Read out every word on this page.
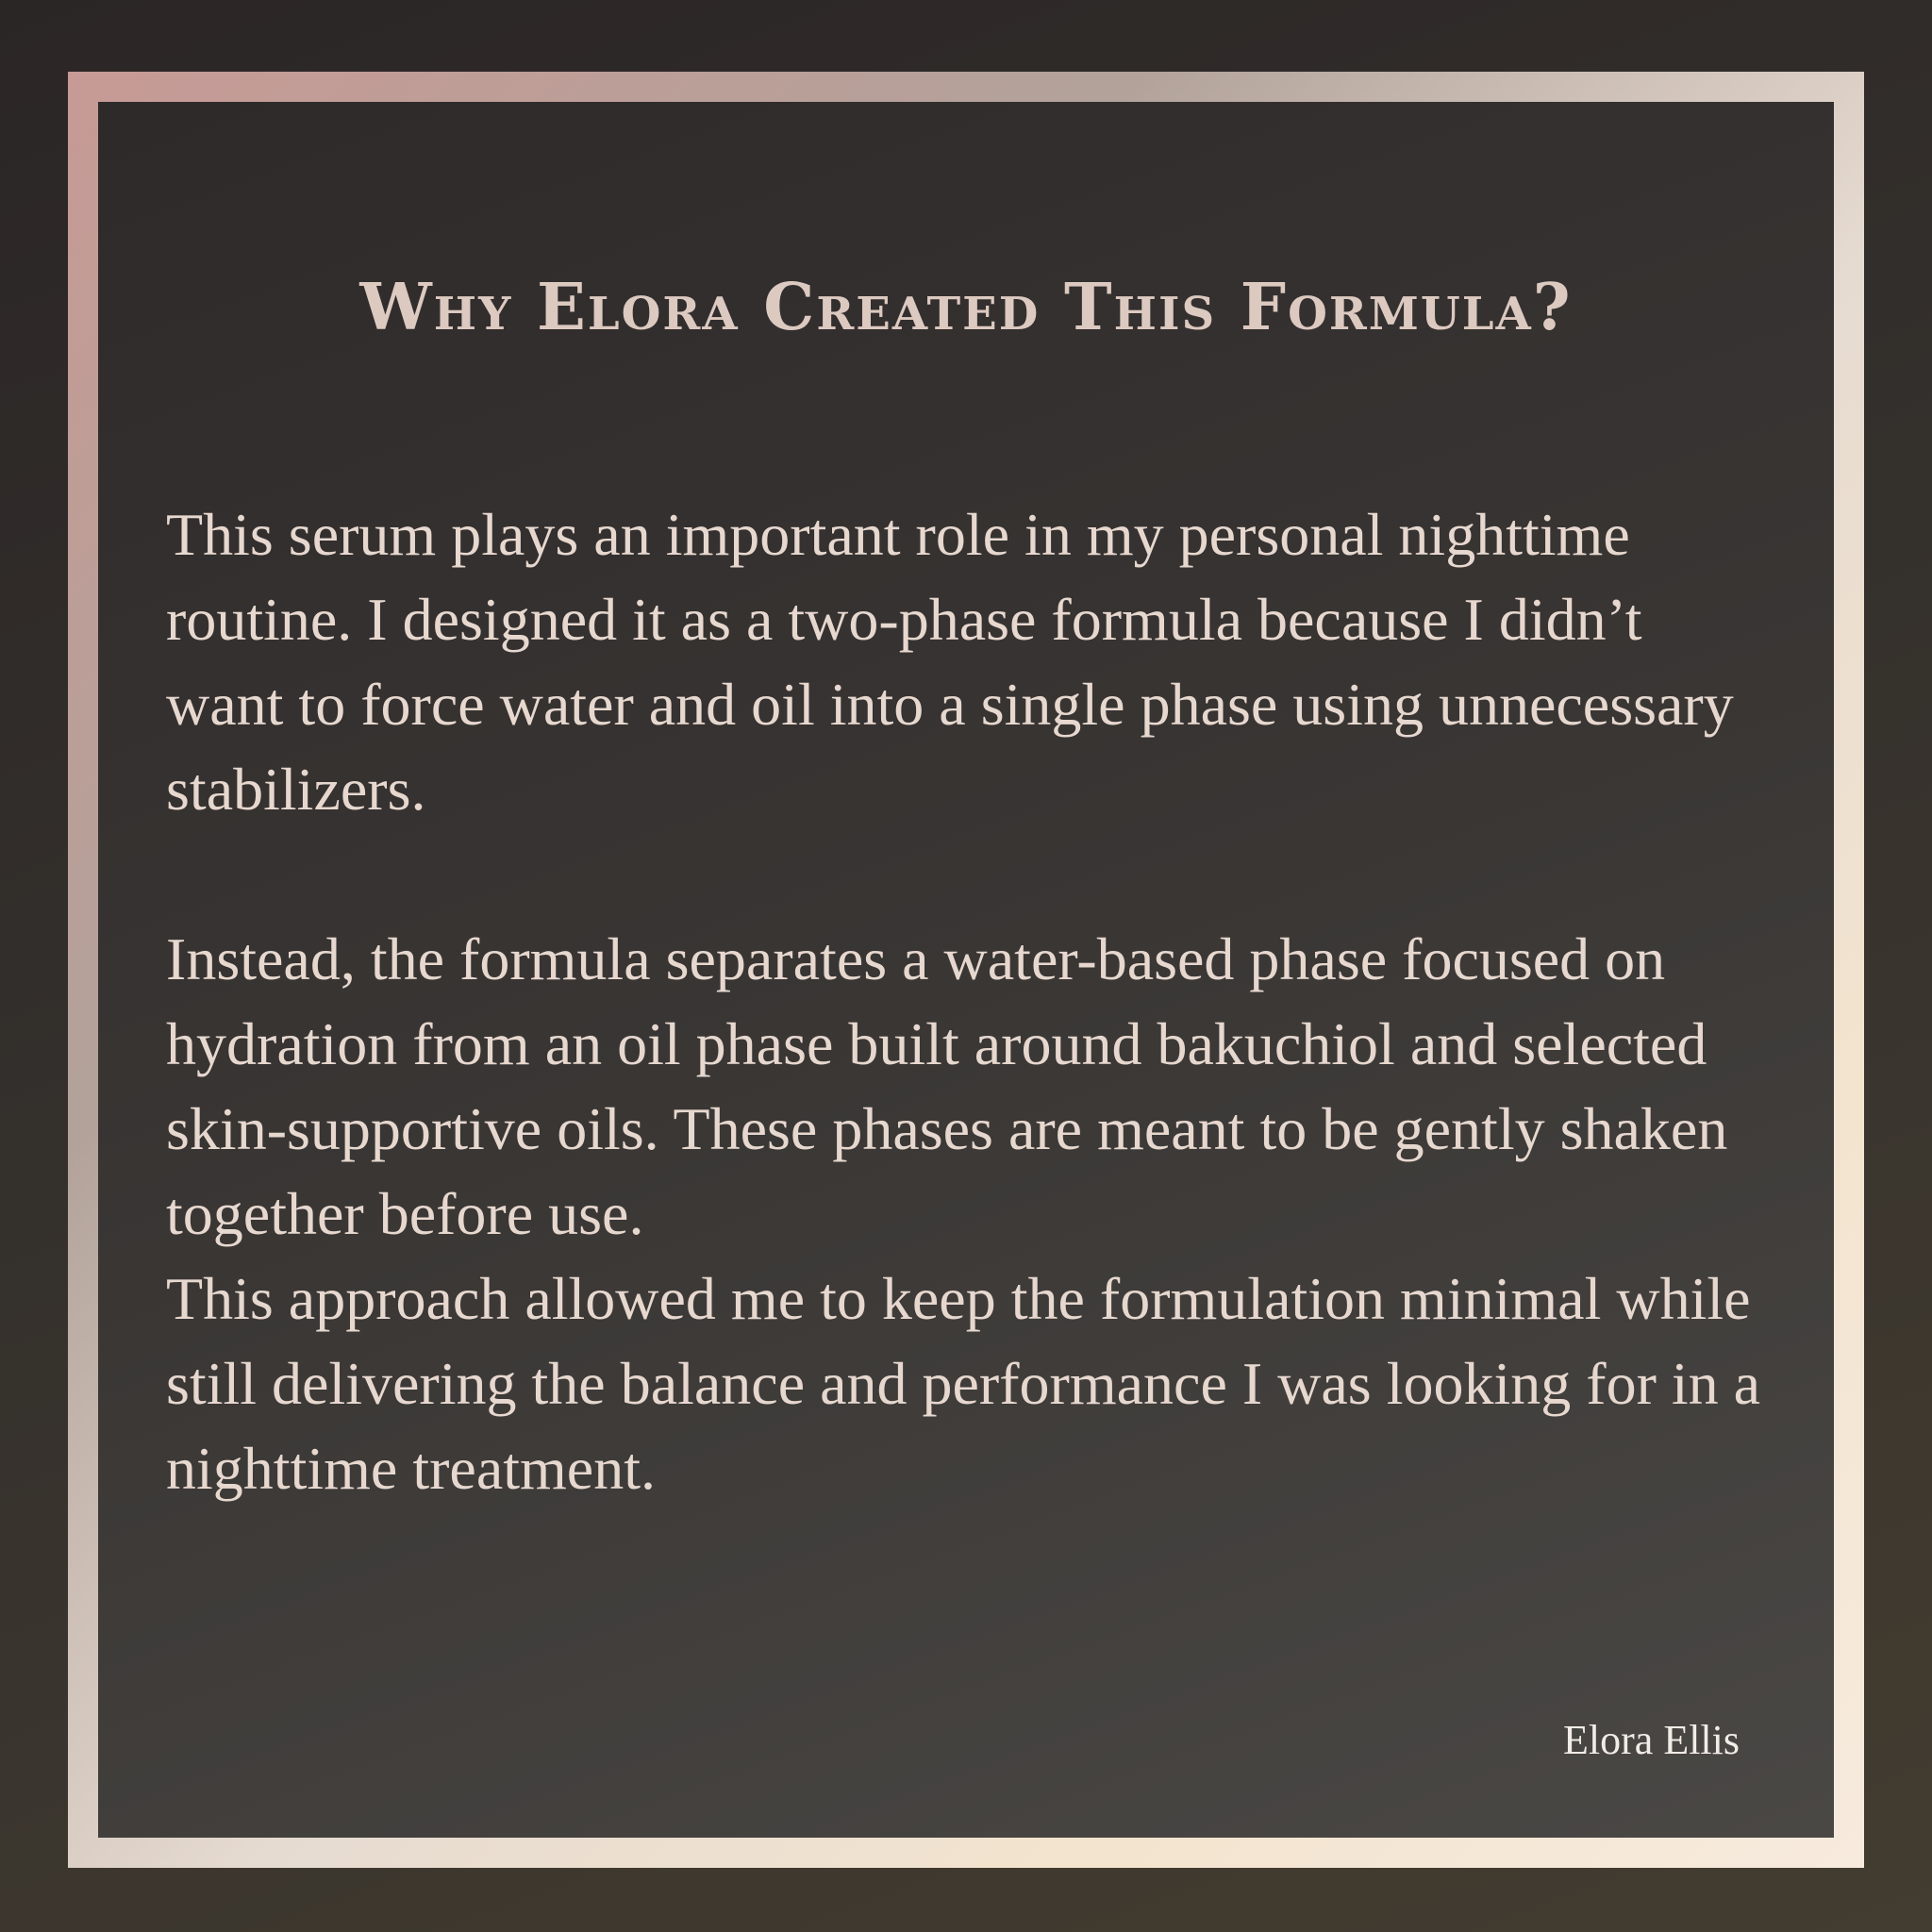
Why Elora Created This Formula?

This serum plays an important role in my personal nighttime routine. I designed it as a two-phase formula because I didn’t want to force water and oil into a single phase using unnecessary stabilizers.

Instead, the formula separates a water-based phase focused on hydration from an oil phase built around bakuchiol and selected skin-supportive oils. These phases are meant to be gently shaken together before use.

This approach allowed me to keep the formulation minimal while still delivering the balance and performance I was looking for in a nighttime treatment.

Elora Ellis
